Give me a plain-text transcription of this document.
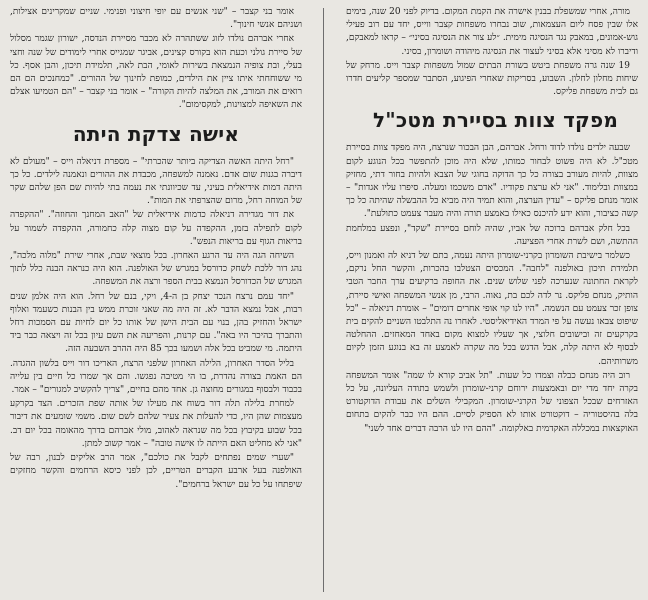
מורה, אחרי שמשפלת בבנין אישרה את הקמת המקום. בדיוק לפני 20 שנה, בימים אלו שבין פסח ליום העצמאות, שוב נבחרו משפחות קצבר ווייס, יחד עם רוב פעילי גוש-אמונים, במאבק נגד הנסיגה מימית. ״לע צור את הנסיגה בסיני״ – קראו למאבקם, ודיברו לא מסיני אלא בסיני לעצור את הנסיגה מיהודה ושומרון, בסיני.

19 שנה גרה משפחת ביטש בשורת הבתים שמול משפחות קצבר וייס. מרחק של שיחות מחלון לחלון. השבוע, בסריקות שאחרי הפיגוע, הסתבר שמספר קליעים חדרו גם לבית משפחת פליקס.

מפקד צוות בסיירת מטכ"ל

שבעה ילדים נולדו לדוד ורחל. אברהם, הבן הבכור שנרצח, היה מפקד צוות בסיירת מטכ"ל. לא היה פשוט לבחור כמותו, שלא היה מוכן להתפשר בכל הנוגע לקום מצוות, להיות מעורב בצורה כל כך הדוקה בחוגי של הצבא ולהיות בחור דתי, מחזיק במצוות ובלימוד. "אני לא ערצת פקודיו. "אדם משכמו ומעלה. סיפרו עליו אגדות" – אומר מנחם פליקס – "עדין הערצה, והוא תמיד היה מביא כל ההבשלה שהיתה כל כך קשה כציבור, והוא ידע להיכנס כאילו באמצע תורה והיה מעבר צעמט כתולעת".

בכל חלק אברהם ברוכה של אביו, שהיה לוחם בסיירת "שקד", ונפצע במלחמת ההתשה, ושם לשרת אחרי הפציעה.

כשלמר בישיבת השומרון בקרני-שומרון היתה נעמה, בתם של דניא לה ואמנון וייס, תלמידת תיכון באולפנה "לחבה". המכסים הצטלבו בהכרות, והקשר החל נרקם, לקראת החתונה שנערכה לפני שלוש שנים. את החופה ברקיעים ערך החבר הטבי הותיק, מנחם פליקס. נר לדה לכם בת, נאוה. הרבי, מן אנשי המשפחה ואישי סיירת, צופן זכר צעמט עם הנשמה. "היו לנו קוי אופי אחרים דומים" – אומרת דניאלה – "כל שיפוט צבאו נעשה על פי המרד האידיאליסטי. לאחרו נה התלבטו השניים להקים בית בקרקעים זה ובישובים חלוצי, אך שעליו למצוא מקום באחד המאחזים. ההחלטה לבסוף לא היתה קלה, אבל הדגש בכל מה שקרה לאמצע זה בא בנוגע הזמן לקיום משרותיהם.

רוב היה מנחם כבלה וצמדו כל שעות. "תל אביב קורא לו שמה" אומר המשפחה בקרה יחד מדי יום ובאמצעות ירוחם קרני-שומרון ולשמש בתודה העליונה, על כל האזרחים שבכל הצפוני של הקרני-שומרון. המקבילי השלים את עבודת הדוקטורט בלה בהיסטוריה – דוקטורט אותו לא הספיק לסיים. ההם היו כבר להקים בתחום האוקצאות במכללה האקדמית באלקומה. "ההם היו לנו הרבה דברים אחד לשני"

אומר בני קצבר – "שני אנשים עם יופי חיצוני ופנימי. שניים שמקרינים אצילות, ושניהם אנשי חינוך".

אחרי אברהם נולדו לזוג ששתהרה לא מכבר מסיירת הנדסה, ישורון שגמר מסלול של סיירת גולני וכעת הוא בקורס קצינים, אביגר שמגייס אחרי לימודים של שנה וחצי בעלי, ובת צופיה הנמצאת בשירות לאומי, הבת לאה, תלמידת תיכון, והבן אסף. כל מי ששוחחתי איתו ציין את הילדים, כמופת לחינוך של ההורים. "כמחנכים הם הם רואים את המורב, את המלצה להיות הקורה" – אומר בני קצבר – "הם הטמיעו אצלם את השאיפה למצוינות, למקסימום".

אישה צדקת היתה

"רחל היתה האשה הצדיקה ביותר שהכרתי" – מספרת דניאלה וייס – "מעולם לא דיברה בגנות שום אדם. נאמנה למשפחה, מכבדת את ההורים ונאמנה לילדים. כל כך היתה דמות אידיאלית בעיני, עד שכיוונתי את נעמה בתי להיות שם הפן שלהם שקר של המוחה רחל, מרום שהצרפתי את המות".

את דור מגדירה דניאלה כדמות אידיאלית של "האב המחנך והחוזה". "ההקפדה לקום לתפילה בזמן, ההקפדה על קום מצוה קלה כחמורה, ההקפדה לשמור על בריאות הגוף עם בריאות הנפש".

השיחה הגה היה עד הרגע האחרון. בכל מוצאי שבת, אחרי שירת "מלוה מלכה", נהג דור ללכת לשחק כדורסל במגרש של האולפנה. הוא היה כנראה הבנה כלל לתוך המגרש של הכדורסל הנמצא בבית הספר ורצה את המשפחה.

"יחד עמם נרצח הנכד יצחק בן ה-4, ויקי, בנם של רחל. הוא היה אלמן שנים רבות, אבל נמצא הדבר לא. זה היה מה שאני זוכרת ממש בין הבנות כשעמד ואלוף ישראל והחזיק בהן, בנוי עם הבית הישן של אותו כל יום לחיות עם הסמכות רחל והתברך בהיכר היו באה". עם קרנות, והפריעה את השם עיון בכל זה ויצאה כבר ביד היתמה. מי שמביט בכל אלה ושמעו בכך 85 היה ההרב השבעה הזה.

בליל הסדר האחרון, הלילה האחרון שלפני הרצח, האריכו דור וייס בלשון ההגדה. הם האמת בצורה נהדרת, בו הי מטיבה נפגשו. והם אך שמרו כל חיים בין עלייה בכבוד ולבסוף במגורים מחוצה גן. אחד מהם בחיים, "צריך להקשיב למגורים" – אמר.

למחרת בלילה תלה דור בשוח את מעילו של אותה שפת הזכרים. הצד בקרקע מעצמות שהן היו, כדי להעלות את צעיר שלהם לשם שום. משמי שומעים את דיבור בכל שבוע בקיבוץ בכל מה שנראה לאהוב, מולי אברהם בדרך מהאומה בכל יום דב. "אני לא מחליט האם הייתה לו אישה טובה" – אמר קשוב למתן.

"שערי שמים נפתחים לקבל את כולכם", אמר הרב אליקים לבנון, רבה של האולפנה בעל ארבע הקברים הטריים, לכן לפני כיסא הרחמים והקשר מחזקים שיפתחו על כל עם ישראל ברחמים".
